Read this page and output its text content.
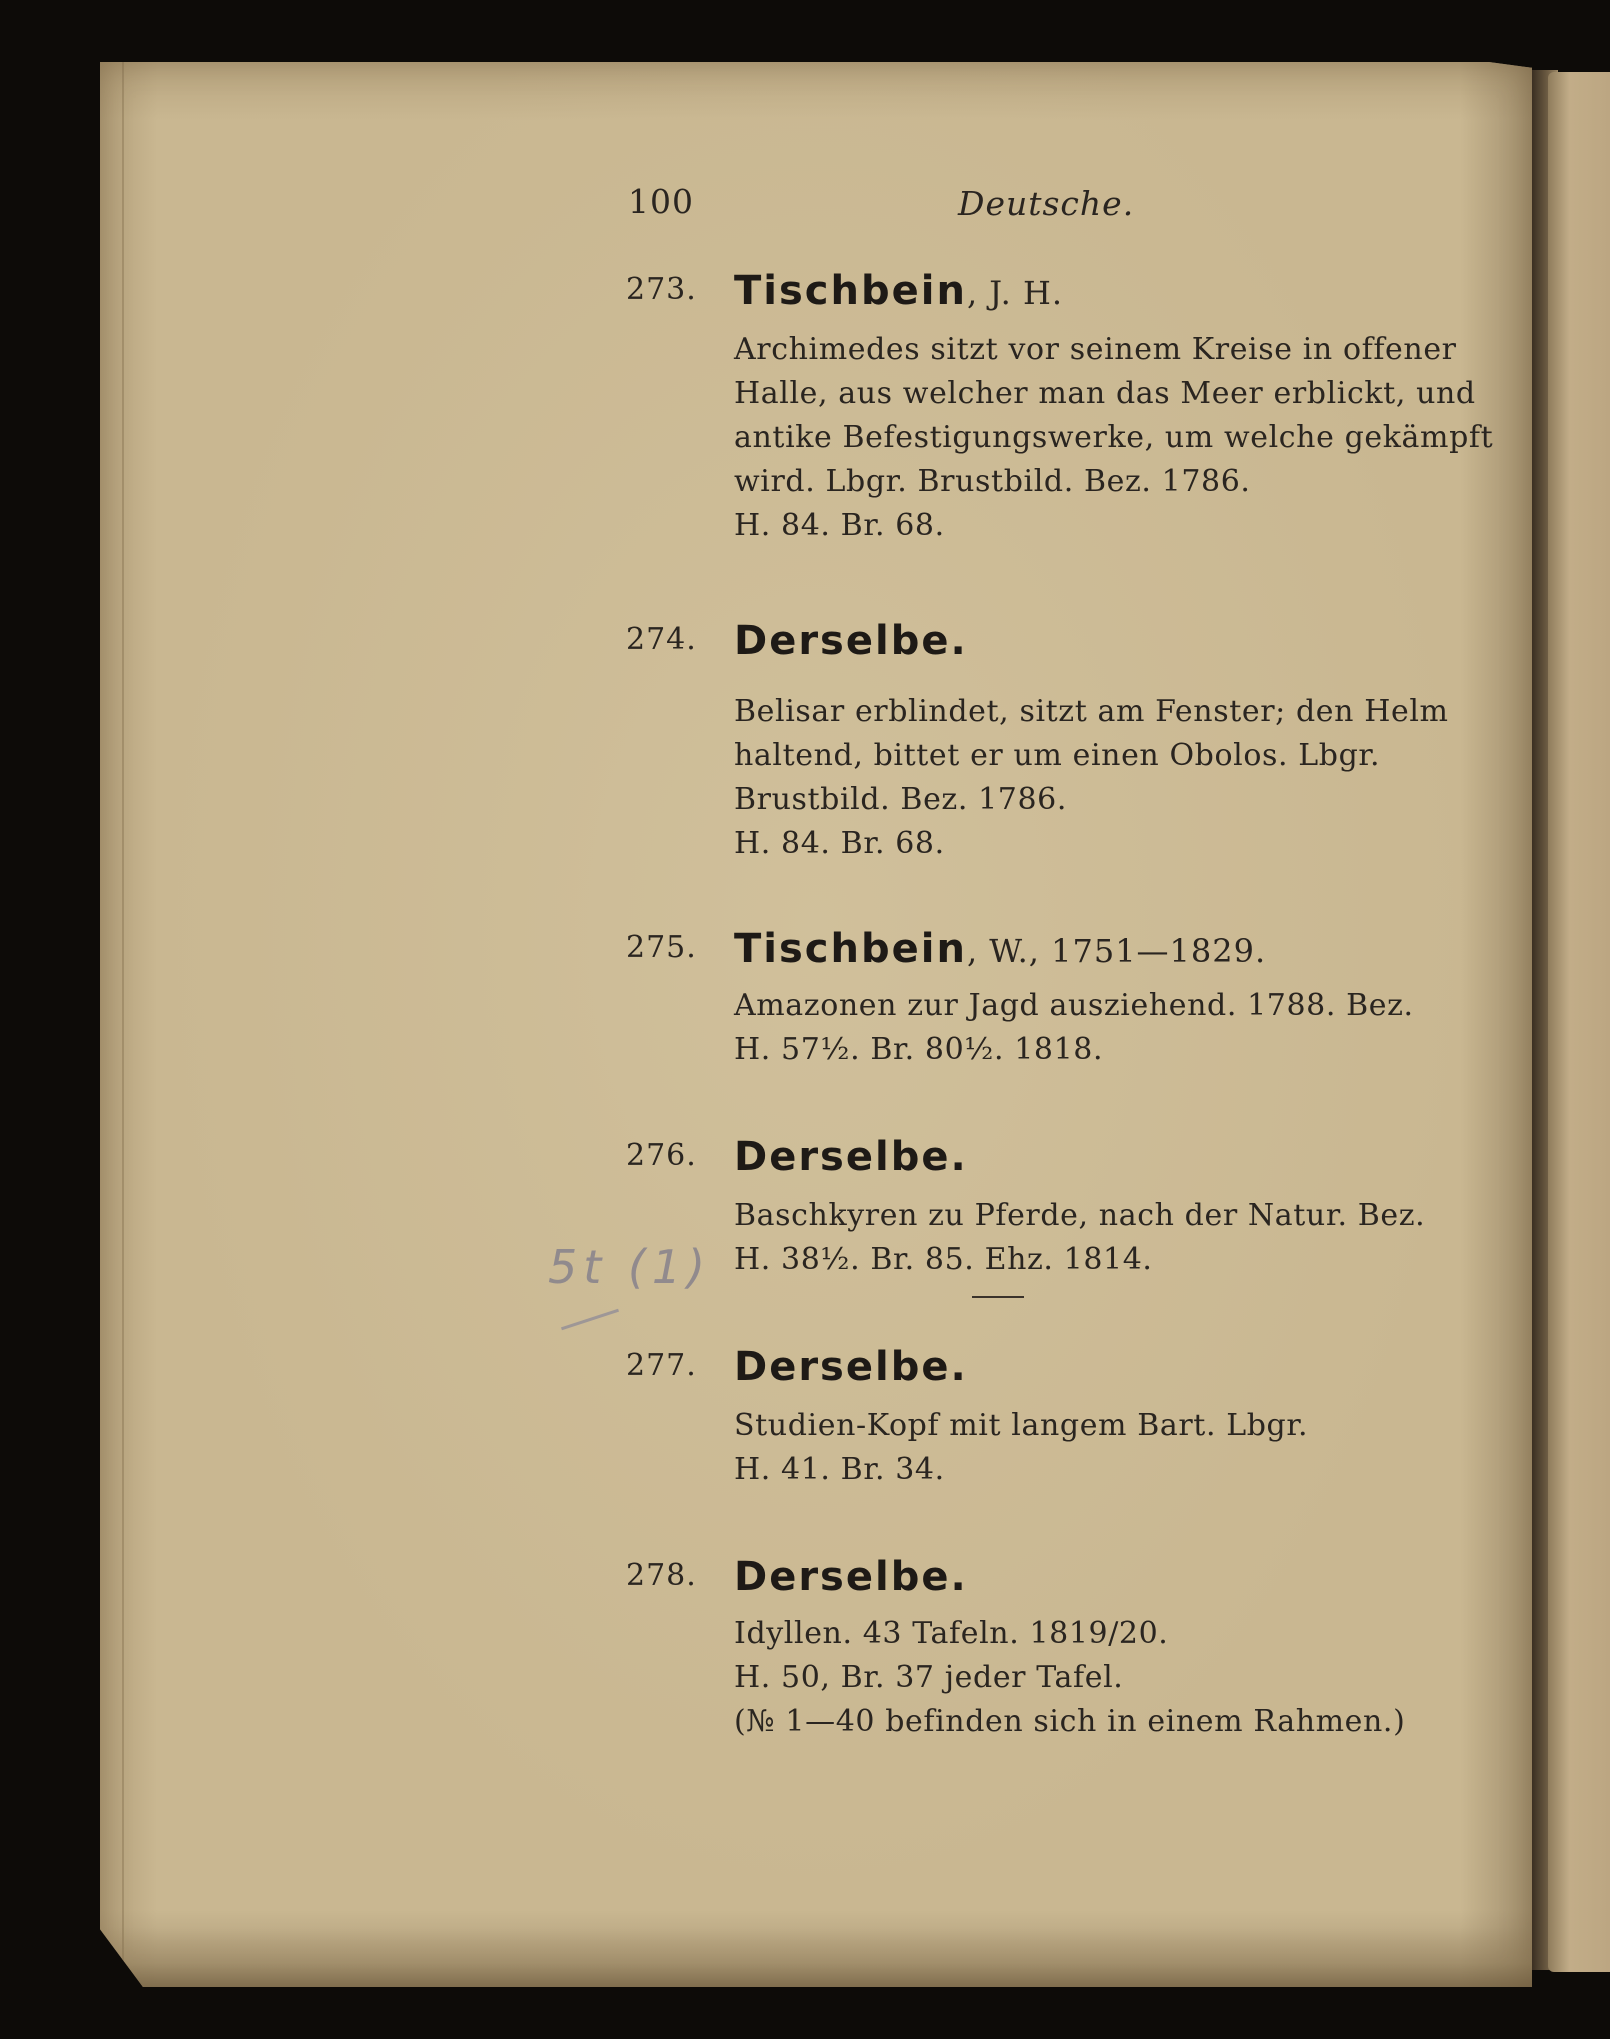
100	Deutsche.
273. Tischbein, J. H.
Archimedes sitzt vor seinem Kreise in offener
Halle, aus welcher man das Meer erblickt, und
antike Befestigungswerke, um welche gekämpft
wird. Lbgr. Brustbild. Bez. 1786.
H. 84. Br. 68.
274. Derselbe.
Belisar erblindet, sitzt am Fenster; den Helm
haltend, bittet er um einen Obolos. Lbgr.
Brustbild. Bez. 1786.
H. 84. Br. 68.
275. Tischbein, W., 1751—1829.
Amazonen zur Jagd ausziehend. 1788. Bez.
H. 57½. Br. 80½. 1818.
276. Derselbe.
Baschkyren zu Pferde, nach der Natur. Bez.
H. 38½. Br. 85. Ehz. 1814.
277. Derselbe.
Studien-Kopf mit langem Bart. Lbgr.
H. 41. Br. 34.
278. Derselbe.
Idyllen. 43 Tafeln. 1819/20.
H. 50, Br. 37 jeder Tafel.
(№ 1—40 befinden sich in einem Rahmen.)
5t (1)
